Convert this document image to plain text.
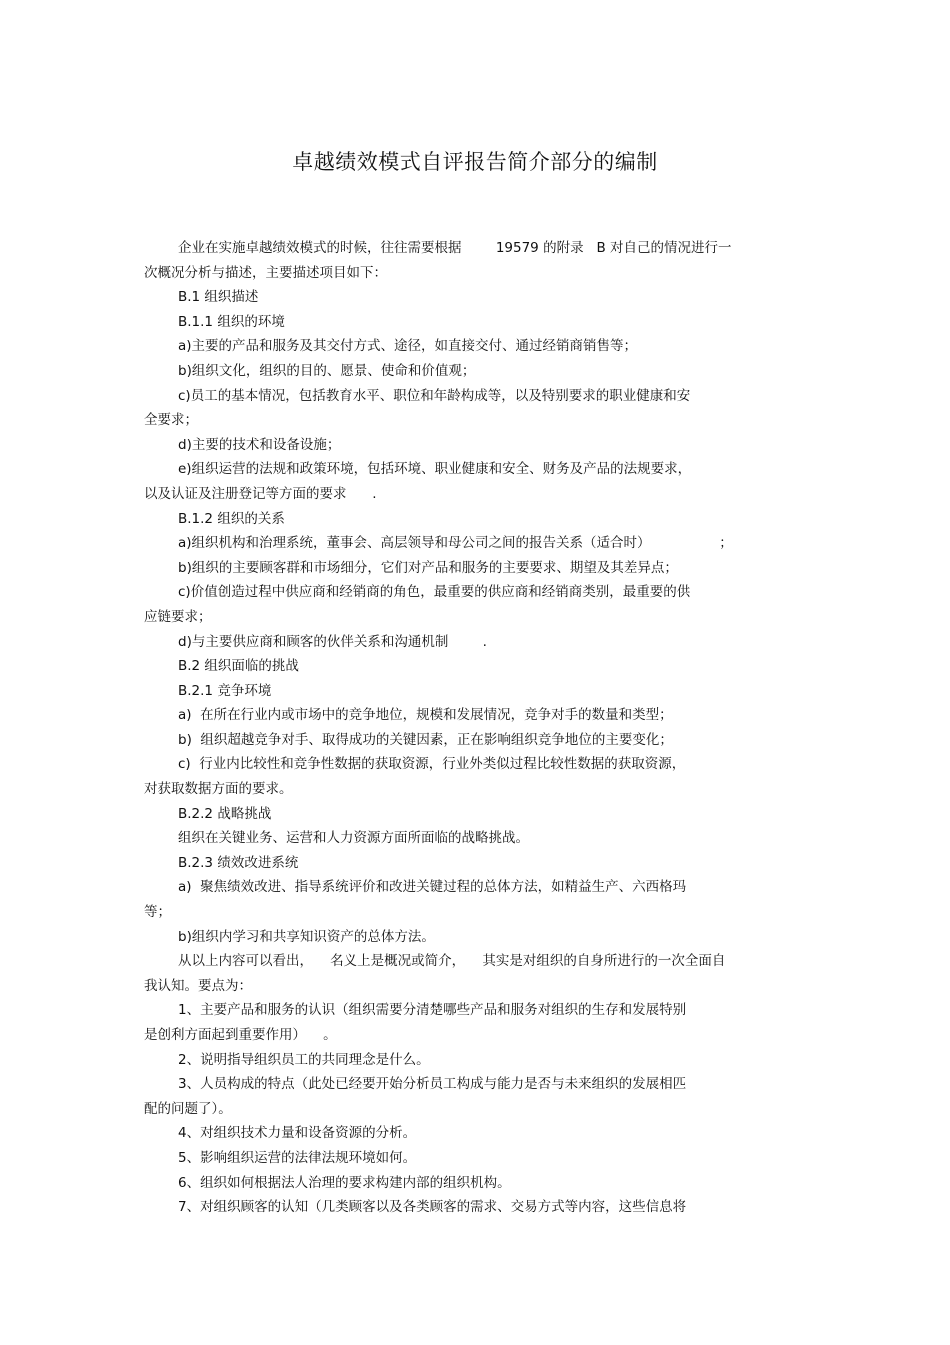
卓越绩效模式自评报告简介部分的编制
企业在实施卓越绩效模式的时候，往往需要根据        19579 的附录   B 对自己的情况进行一
次概况分析与描述，主要描述项目如下：
B.1 组织描述
B.1.1 组织的环境
a)主要的产品和服务及其交付方式、途径，如直接交付、通过经销商销售等；
b)组织文化，组织的目的、愿景、使命和价值观；
c)员工的基本情况，包括教育水平、职位和年龄构成等，以及特别要求的职业健康和安
全要求；
d)主要的技术和设备设施；
e)组织运营的法规和政策环境，包括环境、职业健康和安全、财务及产品的法规要求，
以及认证及注册登记等方面的要求      .
B.1.2 组织的关系
a)组织机构和治理系统，董事会、高层领导和母公司之间的报告关系（适合时）                ；
b)组织的主要顾客群和市场细分，它们对产品和服务的主要要求、期望及其差异点；
c)价值创造过程中供应商和经销商的角色，最重要的供应商和经销商类别，最重要的供
应链要求；
d)与主要供应商和顾客的伙伴关系和沟通机制        .
B.2 组织面临的挑战
B.2.1 竞争环境
a)  在所在行业内或市场中的竞争地位，规模和发展情况，竞争对手的数量和类型；
b)  组织超越竞争对手、取得成功的关键因素，正在影响组织竞争地位的主要变化；
c)  行业内比较性和竞争性数据的获取资源，行业外类似过程比较性数据的获取资源，
对获取数据方面的要求。
B.2.2 战略挑战
组织在关键业务、运营和人力资源方面所面临的战略挑战。
B.2.3 绩效改进系统
a)  聚焦绩效改进、指导系统评价和改进关键过程的总体方法，如精益生产、六西格玛
等；
b)组织内学习和共享知识资产的总体方法。
从以上内容可以看出，    名义上是概况或简介，    其实是对组织的自身所进行的一次全面自
我认知。要点为：
1、主要产品和服务的认识（组织需要分清楚哪些产品和服务对组织的生存和发展特别
是创利方面起到重要作用）    。
2、说明指导组织员工的共同理念是什么。
3、人员构成的特点（此处已经要开始分析员工构成与能力是否与未来组织的发展相匹
配的问题了）。
4、对组织技术力量和设备资源的分析。
5、影响组织运营的法律法规环境如何。
6、组织如何根据法人治理的要求构建内部的组织机构。
7、对组织顾客的认知（几类顾客以及各类顾客的需求、交易方式等内容，这些信息将
